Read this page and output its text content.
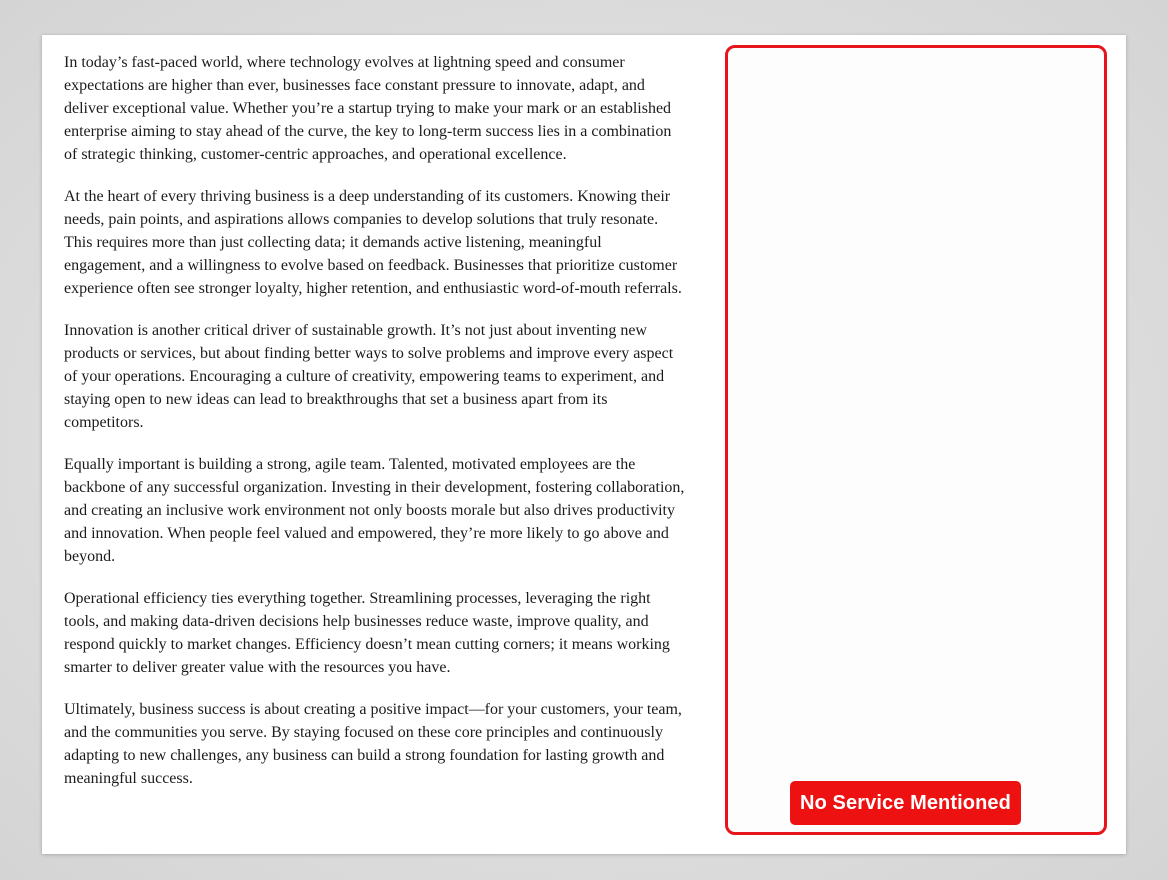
In today’s fast-paced world, where technology evolves at lightning speed and consumer expectations are higher than ever, businesses face constant pressure to innovate, adapt, and deliver exceptional value. Whether you’re a startup trying to make your mark or an established enterprise aiming to stay ahead of the curve, the key to long-term success lies in a combination of strategic thinking, customer-centric approaches, and operational excellence.

At the heart of every thriving business is a deep understanding of its customers. Knowing their needs, pain points, and aspirations allows companies to develop solutions that truly resonate. This requires more than just collecting data; it demands active listening, meaningful engagement, and a willingness to evolve based on feedback. Businesses that prioritize customer experience often see stronger loyalty, higher retention, and enthusiastic word-of-mouth referrals.

Innovation is another critical driver of sustainable growth. It’s not just about inventing new products or services, but about finding better ways to solve problems and improve every aspect of your operations. Encouraging a culture of creativity, empowering teams to experiment, and staying open to new ideas can lead to breakthroughs that set a business apart from its competitors.

Equally important is building a strong, agile team. Talented, motivated employees are the backbone of any successful organization. Investing in their development, fostering collaboration, and creating an inclusive work environment not only boosts morale but also drives productivity and innovation. When people feel valued and empowered, they’re more likely to go above and beyond.

Operational efficiency ties everything together. Streamlining processes, leveraging the right tools, and making data-driven decisions help businesses reduce waste, improve quality, and respond quickly to market changes. Efficiency doesn’t mean cutting corners; it means working smarter to deliver greater value with the resources you have.

Ultimately, business success is about creating a positive impact—for your customers, your team, and the communities you serve. By staying focused on these core principles and continuously adapting to new challenges, any business can build a strong foundation for lasting growth and meaningful success.

No Service Mentioned
